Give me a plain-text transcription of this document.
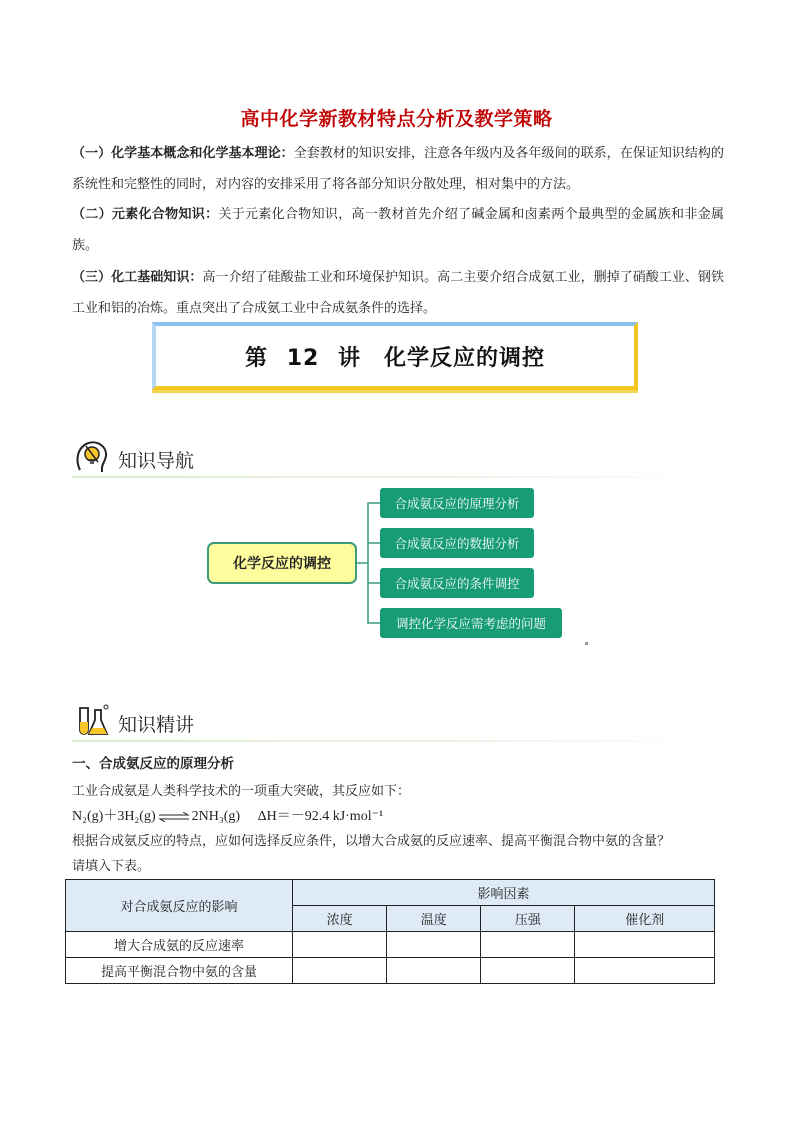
高中化学新教材特点分析及教学策略
（一）化学基本概念和化学基本理论：全套教材的知识安排，注意各年级内及各年级间的联系，在保证知识结构的系统性和完整性的同时，对内容的安排采用了将各部分知识分散处理，相对集中的方法。
（二）元素化合物知识：关于元素化合物知识，高一教材首先介绍了碱金属和卤素两个最典型的金属族和非金属族。
（三）化工基础知识：高一介绍了硅酸盐工业和环境保护知识。高二主要介绍合成氨工业，删掉了硝酸工业、钢铁工业和铝的冶炼。重点突出了合成氨工业中合成氨条件的选择。
第 12 讲　化学反应的调控
知识导航
化学反应的调控
合成氨反应的原理分析
合成氨反应的数据分析
合成氨反应的条件调控
调控化学反应需考虑的问题
知识精讲
一、合成氨反应的原理分析
工业合成氨是人类科学技术的一项重大突破，其反应如下：
N₂(g)＋3H₂(g) ⇌ 2NH₃(g)　 ΔH＝－92.4 kJ·mol⁻¹
根据合成氨反应的特点，应如何选择反应条件，以增大合成氨的反应速率、提高平衡混合物中氨的含量？
请填入下表。
对合成氨反应的影响	影响因素			
	浓度	温度	压强	催化剂
增大合成氨的反应速率				
提高平衡混合物中氨的含量				
